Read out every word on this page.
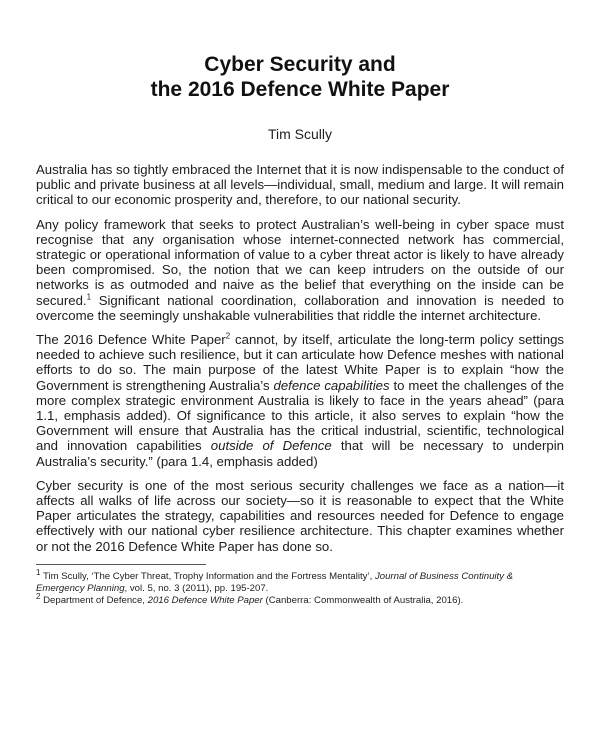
Cyber Security and
the 2016 Defence White Paper
Tim Scully

Australia has so tightly embraced the Internet that it is now indispensable to the conduct of public and private business at all levels—individual, small, medium and large. It will remain critical to our economic prosperity and, therefore, to our national security.

Any policy framework that seeks to protect Australian’s well-being in cyber space must recognise that any organisation whose internet-connected network has commercial, strategic or operational information of value to a cyber threat actor is likely to have already been compromised. So, the notion that we can keep intruders on the outside of our networks is as outmoded and naive as the belief that everything on the inside can be secured.$^1$ Significant national coordination, collaboration and innovation is needed to overcome the seemingly unshakable vulnerabilities that riddle the internet architecture.

The 2016 Defence White Paper$^2$ cannot, by itself, articulate the long-term policy settings needed to achieve such resilience, but it can articulate how Defence meshes with national efforts to do so. The main purpose of the latest White Paper is to explain “how the Government is strengthening Australia’s defence capabilities to meet the challenges of the more complex strategic environment Australia is likely to face in the years ahead” (para 1.1, emphasis added). Of significance to this article, it also serves to explain “how the Government will ensure that Australia has the critical industrial, scientific, technological and innovation capabilities outside of Defence that will be necessary to underpin Australia’s security.” (para 1.4, emphasis added)

Cyber security is one of the most serious security challenges we face as a nation—it affects all walks of life across our society—so it is reasonable to expect that the White Paper articulates the strategy, capabilities and resources needed for Defence to engage effectively with our national cyber resilience architecture. This chapter examines whether or not the 2016 Defence White Paper has done so.

$^1$ Tim Scully, ‘The Cyber Threat, Trophy Information and the Fortress Mentality’, Journal of Business Continuity & Emergency Planning, vol. 5, no. 3 (2011), pp. 195-207.

$^2$ Department of Defence, 2016 Defence White Paper (Canberra: Commonwealth of Australia, 2016).
